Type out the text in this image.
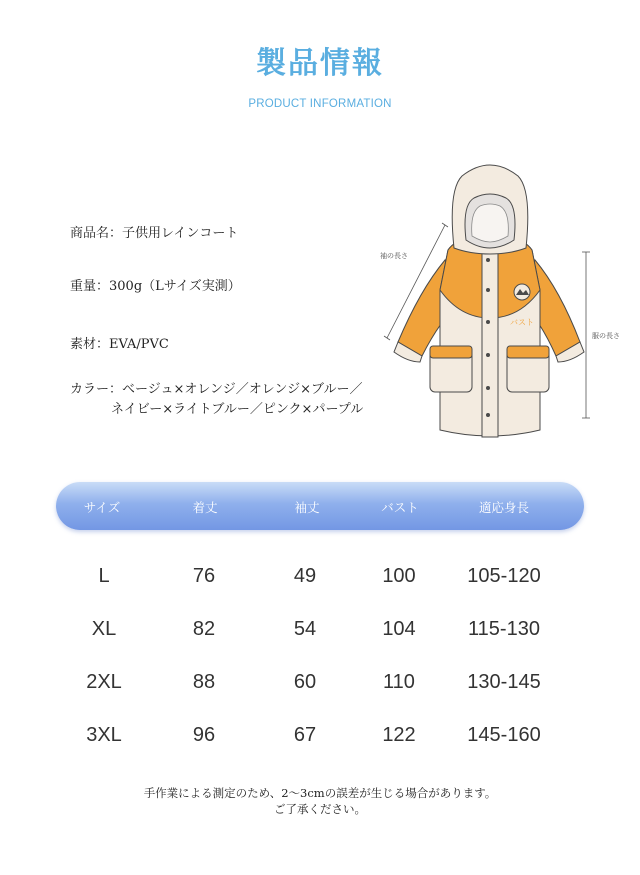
製品情報
PRODUCT INFORMATION
商品名：子供用レインコート
重量：300g（Lサイズ実測）
素材：EVA/PVC
カラー：ベージュ×オレンジ／オレンジ×ブルー／
ネイビー×ライトブルー／ピンク×パープル
袖の長さ
服の長さ
バスト
サイズ	着丈	袖丈	バスト	適応身長
L	76	49	100	105-120
XL	82	54	104	115-130
2XL	88	60	110	130-145
3XL	96	67	122	145-160
手作業による測定のため、2～3cmの誤差が生じる場合があります。
ご了承ください。
